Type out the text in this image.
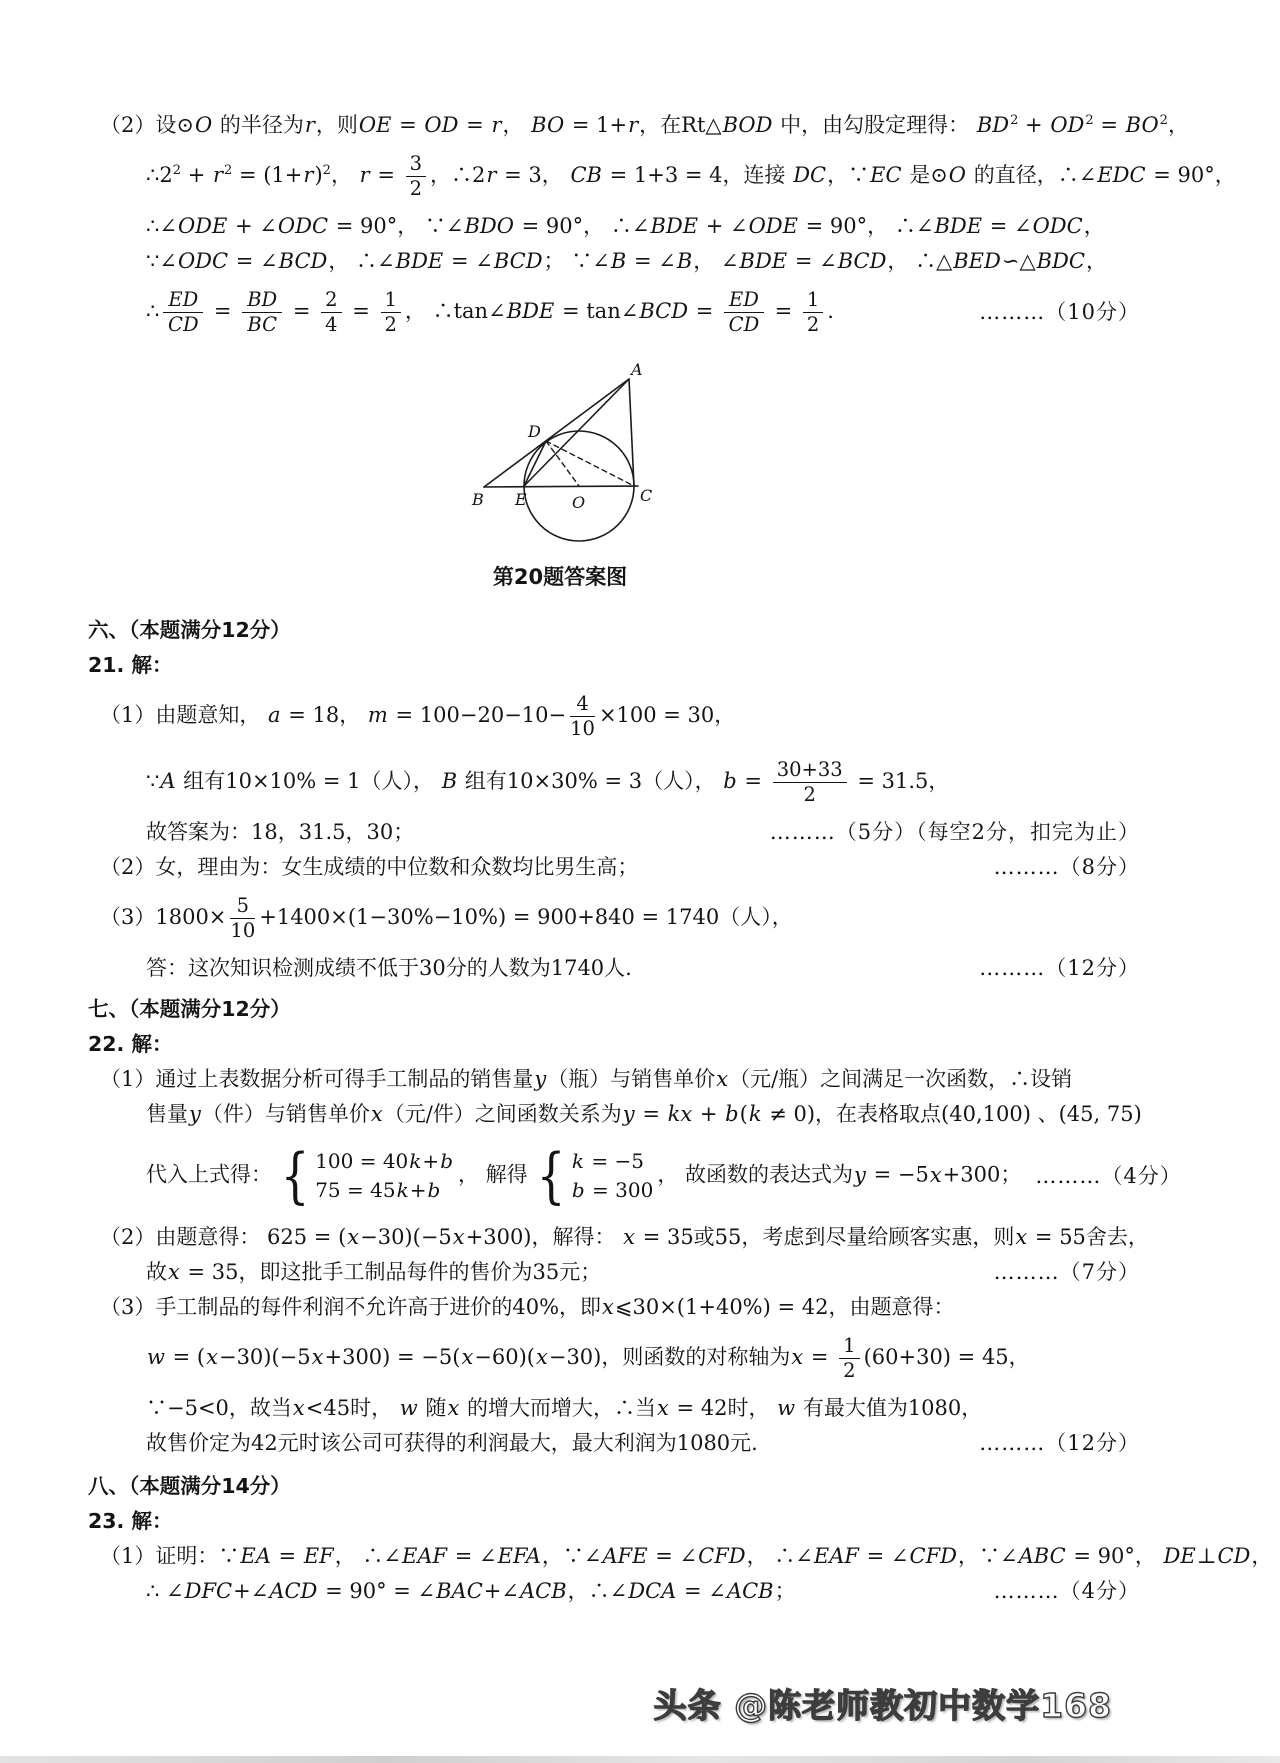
（2）设⊙O 的半径为r，则OE = OD = r， BO = 1+r，在Rt△BOD 中，由勾股定理得： $BD^2 + OD^2 = BO^2$，
$\therefore 2^2 + r^2 = (1+r)^2$， $r = \frac{3}{2}$ ，∴2r = 3， CB = 1+3 = 4，连接 DC，∵EC 是⊙O 的直径，∴∠EDC = 90°，
∴∠ODE + ∠ODC = 90°， ∵∠BDO = 90°， ∴∠BDE + ∠ODE = 90°， ∴∠BDE = ∠ODC，
∵∠ODC = ∠BCD， ∴∠BDE = ∠BCD； ∵∠B = ∠B， ∠BDE = ∠BCD， ∴△BED∽△BDC，
∴ $\frac{ED}{CD} = \frac{BD}{BC} = \frac{2}{4} = \frac{1}{2}$ ， ∴tan∠BDE = tan∠BCD = $\frac{ED}{CD} = \frac{1}{2}$ .	………（10分）
A
B	C
D
E	O
第20题答案图
六、（本题满分12分）
21. 解：
（1）由题意知， a = 18， $m = 100-20-10- \frac{4}{10} \times 100 = 30$，
∵A 组有10×10% = 1（人）， B 组有10×30% = 3（人）， $b = \frac{30+33}{2} = 31.5$，
故答案为：18，31.5，30；	………（5分）（每空2分，扣完为止）
（2）女，理由为：女生成绩的中位数和众数均比男生高；	………（8分）
$(3)1800\times \frac{5}{10} +1400\times(1-30\%-10\%) = 900+840 = 1740$（人），
答：这次知识检测成绩不低于30分的人数为1740人.	………（12分）
七、（本题满分12分）
22. 解：
（1）通过上表数据分析可得手工制品的销售量y（瓶）与销售单价x（元/瓶）之间满足一次函数，∴设销
售量y（件）与销售单价x（元/件）之间函数关系为y = kx + b(k ≠ 0)，在表格取点(40,100) 、(45, 75)
代入上式得： { 100 = 40k+b
75 = 45k+b
， 解得 { k = −5
b = 300
， 故函数的表达式为y = −5x+300； ………（4分）
（2）由题意得： 625 = (x−30)(−5x+300)，解得： x = 35或55，考虑到尽量给顾客实惠，则x = 55舍去，
故x = 35，即这批手工制品每件的售价为35元；	………（7分）
（3）手工制品的每件利润不允许高于进价的40%，即x⩽30×(1+40%) = 42，由题意得：
w = (x−30)(−5x+300) = −5(x−60)(x−30)，则函数的对称轴为$x = \frac{1}{2} (60+30) = 45$，
∵−5<0，故当x<45时， w 随x 的增大而增大，∴当x = 42时， w 有最大值为1080，
故售价定为42元时该公司可获得的利润最大，最大利润为1080元.	………（12分）
八、（本题满分14分）
23. 解：
（1）证明：∵EA = EF， ∴∠EAF = ∠EFA，∵∠AFE = ∠CFD， ∴∠EAF = ∠CFD，∵∠ABC = 90°， DE⊥CD，
∴ ∠DFC+∠ACD = 90° = ∠BAC+∠ACB，∴∠DCA = ∠ACB；	………（4分）
头条 @陈老师教初中数学168
